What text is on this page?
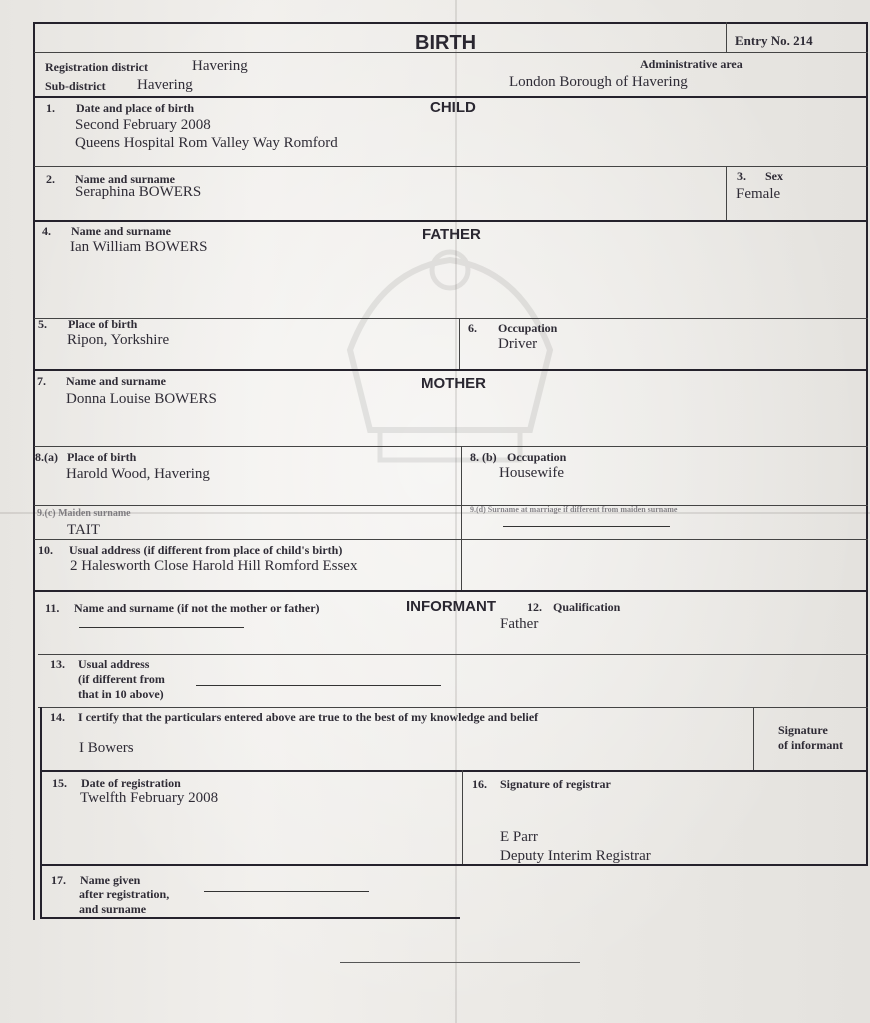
BIRTH	Entry No. 214
Registration district	Havering
Sub-district Havering
Administrative area
London Borough of Havering
CHILD
1. Date and place of birth
Second February 2008
Queens Hospital Rom Valley Way Romford
2. Name and surname
Seraphina BOWERS
3. Sex
Female
FATHER
4. Name and surname
Ian William BOWERS
5. Place of birth
Ripon, Yorkshire
6. Occupation
Driver
MOTHER
7. Name and surname
Donna Louise BOWERS
8.(a) Place of birth
Harold Wood, Havering
8. (b) Occupation
Housewife
9.(c) Maiden surname
TAIT
9.(d) Surname at marriage if different from maiden surname
10. Usual address (if different from place of child's birth)
2 Halesworth Close Harold Hill Romford Essex
INFORMANT
11. Name and surname (if not the mother or father)	12. Qualification
Father
13. Usual address
(if different from
that in 10 above)
14. I certify that the particulars entered above are true to the best of my knowledge and belief
I Bowers
Signature
of informant
15. Date of registration
Twelfth February 2008
16. Signature of registrar
E Parr
Deputy Interim Registrar
17. Name given
after registration,
and surname
